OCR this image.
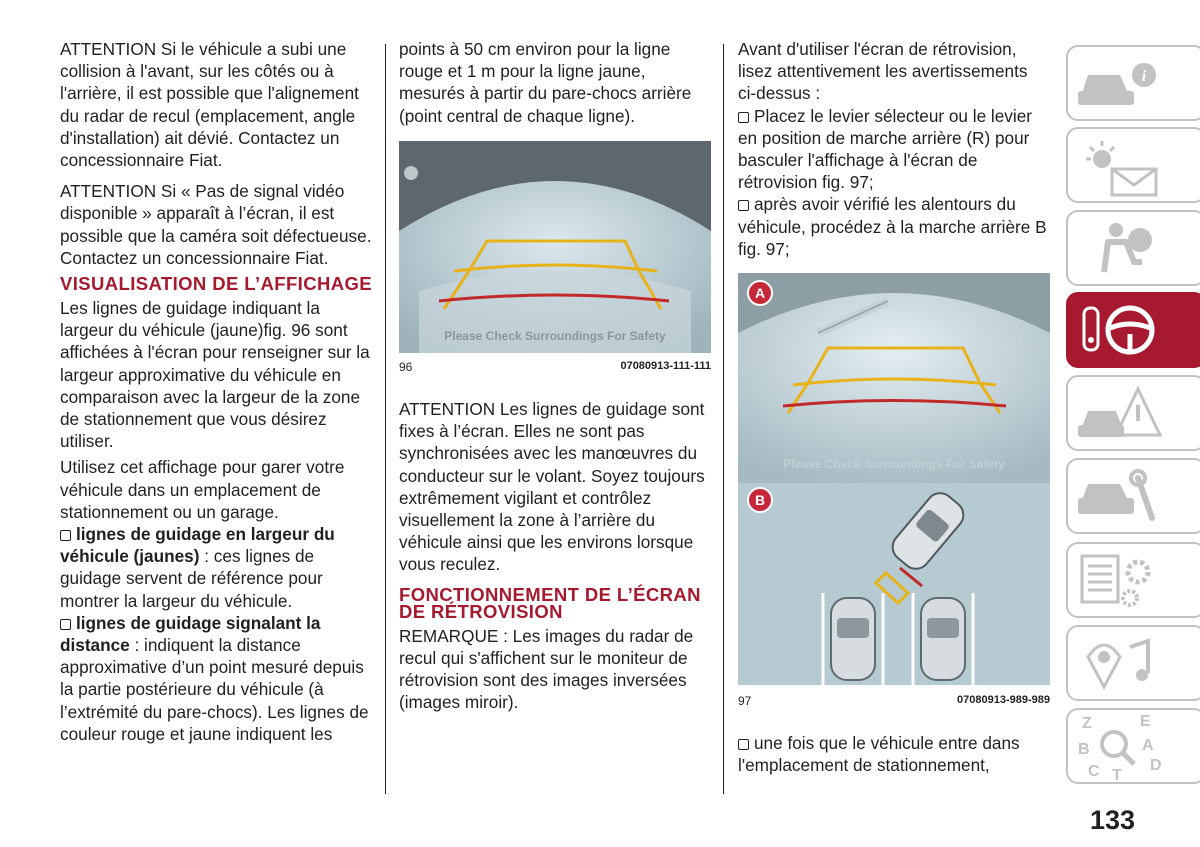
ATTENTION Si le véhicule a subi une collision à l'avant, sur les côtés ou à l'arrière, il est possible que l'alignement du radar de recul (emplacement, angle d'installation) ait dévié. Contactez un concessionnaire Fiat.

ATTENTION Si « Pas de signal vidéo disponible » apparaît à l’écran, il est possible que la caméra soit défectueuse. Contactez un concessionnaire Fiat.

VISUALISATION DE L’AFFICHAGE

Les lignes de guidage indiquant la largeur du véhicule (jaune)fig. 96 sont affichées à l'écran pour renseigner sur la largeur approximative du véhicule en comparaison avec la largeur de la zone de stationnement que vous désirez utiliser.

Utilisez cet affichage pour garer votre véhicule dans un emplacement de stationnement ou un garage.

lignes de guidage en largeur du véhicule (jaunes) : ces lignes de guidage servent de référence pour montrer la largeur du véhicule.

lignes de guidage signalant la distance : indiquent la distance approximative d’un point mesuré depuis la partie postérieure du véhicule (à l’extrémité du pare-chocs). Les lignes de couleur rouge et jaune indiquent les

points à 50 cm environ pour la ligne rouge et 1 m pour la ligne jaune, mesurés à partir du pare-chocs arrière (point central de chaque ligne).

Please Check Surroundings For Safety
96	07080913-111-111

ATTENTION Les lignes de guidage sont fixes à l’écran. Elles ne sont pas synchronisées avec les manœuvres du conducteur sur le volant. Soyez toujours extrêmement vigilant et contrôlez visuellement la zone à l’arrière du véhicule ainsi que les environs lorsque vous reculez.

FONCTIONNEMENT DE L’ÉCRAN DE RÉTROVISION

REMARQUE : Les images du radar de recul qui s'affichent sur le moniteur de rétrovision sont des images inversées (images miroir).

Avant d'utiliser l'écran de rétrovision, lisez attentivement les avertissements ci-dessus :

Placez le levier sélecteur ou le levier en position de marche arrière (R) pour basculer l'affichage à l'écran de rétrovision fig. 97;

après avoir vérifié les alentours du véhicule, procédez à la marche arrière B fig. 97;

Please Check Surroundings For Safety
A
B
97	07080913-989-989

une fois que le véhicule entre dans l'emplacement de stationnement,

i
Z	E
B	A
C T
D
133
